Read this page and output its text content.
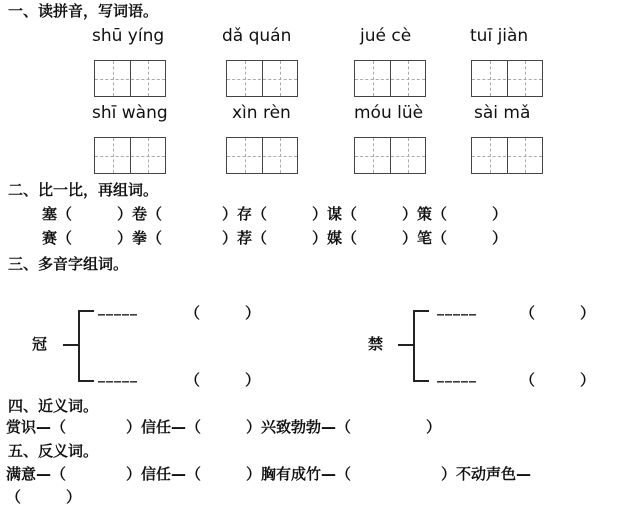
一、读拼音，写词语。
shū yíng	dǎ quán	jué cè	tuī jiàn
shī wàng	xìn rèn	móu lüè	sài mǎ
二、比一比，再组词。
塞（　　　）卷（　　　　）存（　　　）谋（　　　）策（　　　）
赛（　　　）拳（　　　　）荐（　　　）媒（　　　）笔（　　　）
三、多音字组词。
冠
_____	（　　　）
_____	（　　　）
禁
_____	（　　　）
_____	（　　　）
四、近义词。
赏识—（　　　　）信任—（　　　）兴致勃勃—（　　　　　）
五、反义词。
满意—（　　　　）信任—（　　　）胸有成竹—（　　　　　　）不动声色—
（　　　）
